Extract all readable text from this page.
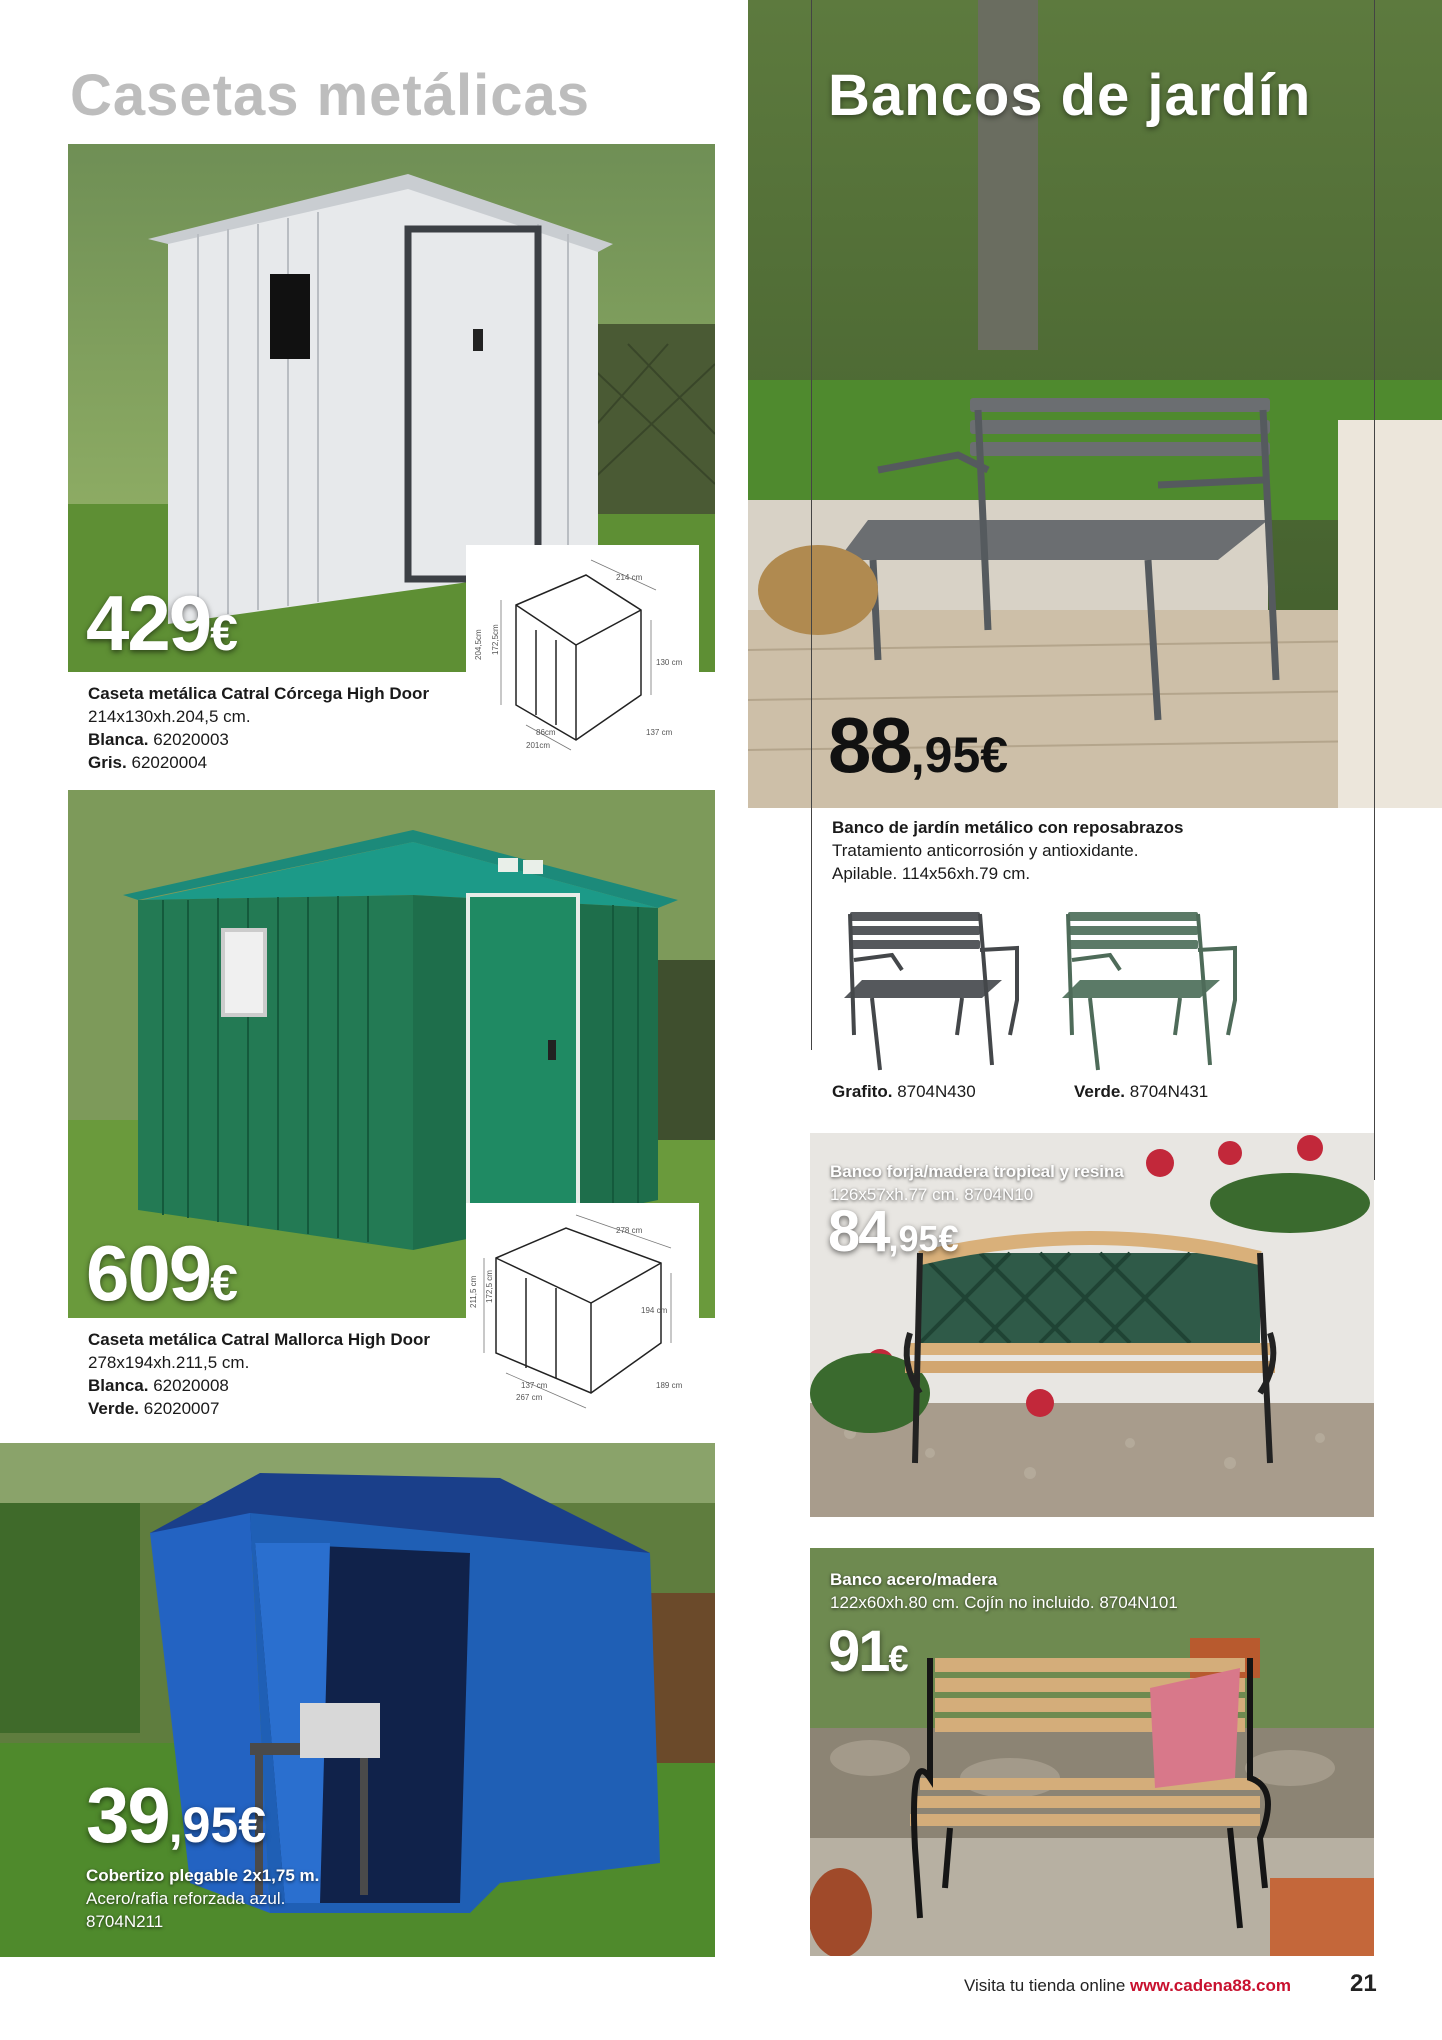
Casetas metálicas
214 cm
204,5cm 172,5cm
130 cm
86cm
201cm
137 cm
429€
Caseta metálica Catral Córcega High Door
214x130xh.204,5 cm.
Blanca. 62020003
Gris. 62020004
278 cm
211,5 cm 172,5 cm
194 cm
137 cm
267 cm
189 cm
609€
Caseta metálica Catral Mallorca High Door
278x194xh.211,5 cm.
Blanca. 62020008
Verde. 62020007
39,95€
Cobertizo plegable 2x1,75 m.
Acero/rafia reforzada azul.
8704N211
Bancos de jardín
88,95€
Banco de jardín metálico con reposabrazos
Tratamiento anticorrosión y antioxidante.
Apilable. 114x56xh.79 cm.
Grafito. 8704N430	Verde. 8704N431
Banco forja/madera tropical y resina
126x57xh.77 cm. 8704N10
84,95€
Banco acero/madera
122x60xh.80 cm. Cojín no incluido. 8704N101
91€
Visita tu tienda online www.cadena88.com 21
